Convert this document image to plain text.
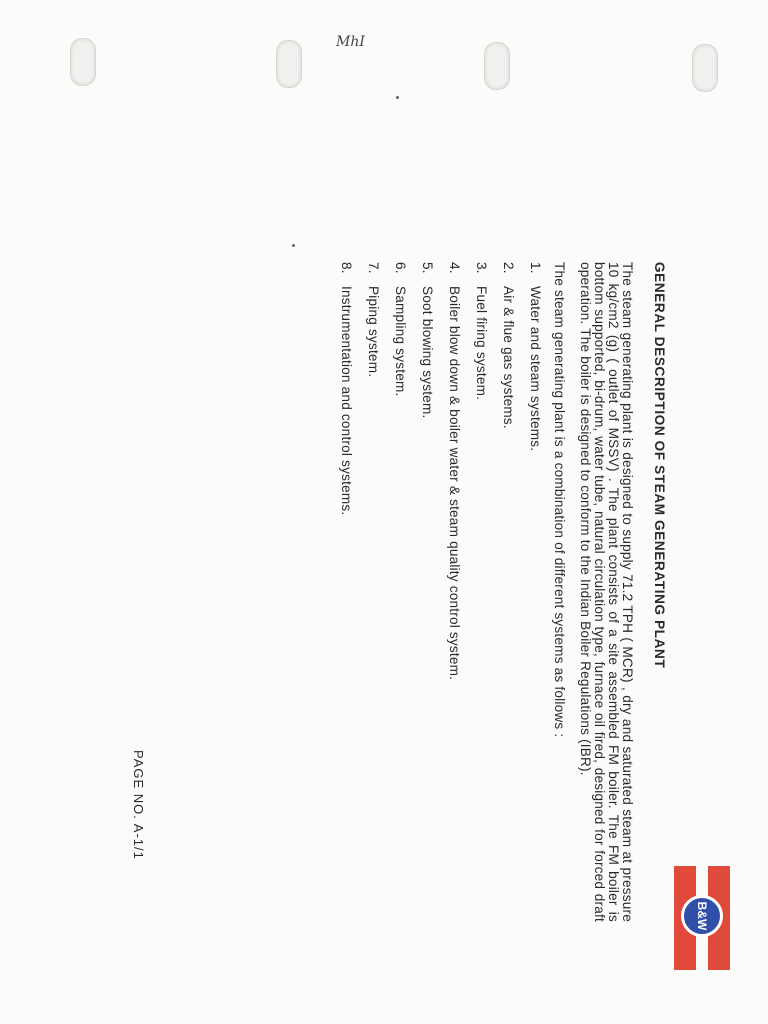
MhI
GENERAL DESCRIPTION OF STEAM GENERATING PLANT

The steam generating plant is designed to supply 71.2 TPH ( MCR) , dry and saturated steam at pressure 10 kg/cm2 (g) ( outlet of MSSV) . The plant consists of a site assembled FM boiler. The FM boiler is bottom supported, bi-drum, water tube, natural circulation type, furnace oil fired, designed for forced draft operation. The boiler is designed to conform to the Indian Boiler Regulations (IBR).

The steam generating plant is a combination of different systems as follows :

1.
Water and steam systems.
2.
Air & flue gas systems.
3.
Fuel firing system.
4.
Boiler blow down & boiler water & steam quality control system.
5.
Soot blowing system.
6.
Sampling system.
7.
Piping system.
8.
Instrumentation and control systems.
PAGE NO. A-1/1
B&W
